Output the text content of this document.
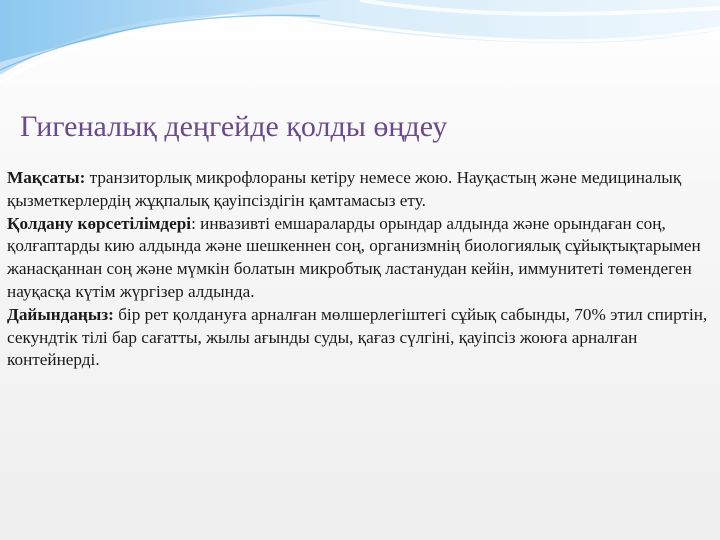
Гигеналық деңгейде қолды өңдеу

Мақсаты: транзиторлық микрофлораны кетіру немесе жою. Науқастың және медициналық қызметкерлердің жұқпалық қауіпсіздігін қамтамасыз ету.

Қолдану көрсетілімдері: инвазивті емшараларды орындар алдында және орындаған соң, қолғаптарды кию алдында және шешкеннен соң, организмнің биологиялық сұйықтықтарымен жанасқаннан соң және мүмкін болатын микробтық ластанудан кейін, иммунитеті төмендеген науқасқа күтім жүргізер алдында.

Дайындаңыз: бір рет қолдануға арналған мөлшерлегіштегі сұйық сабынды, 70% этил спиртін, секундтік тілі бар сағатты, жылы ағынды суды, қағаз сүлгіні, қауіпсіз жоюға арналған контейнерді.
